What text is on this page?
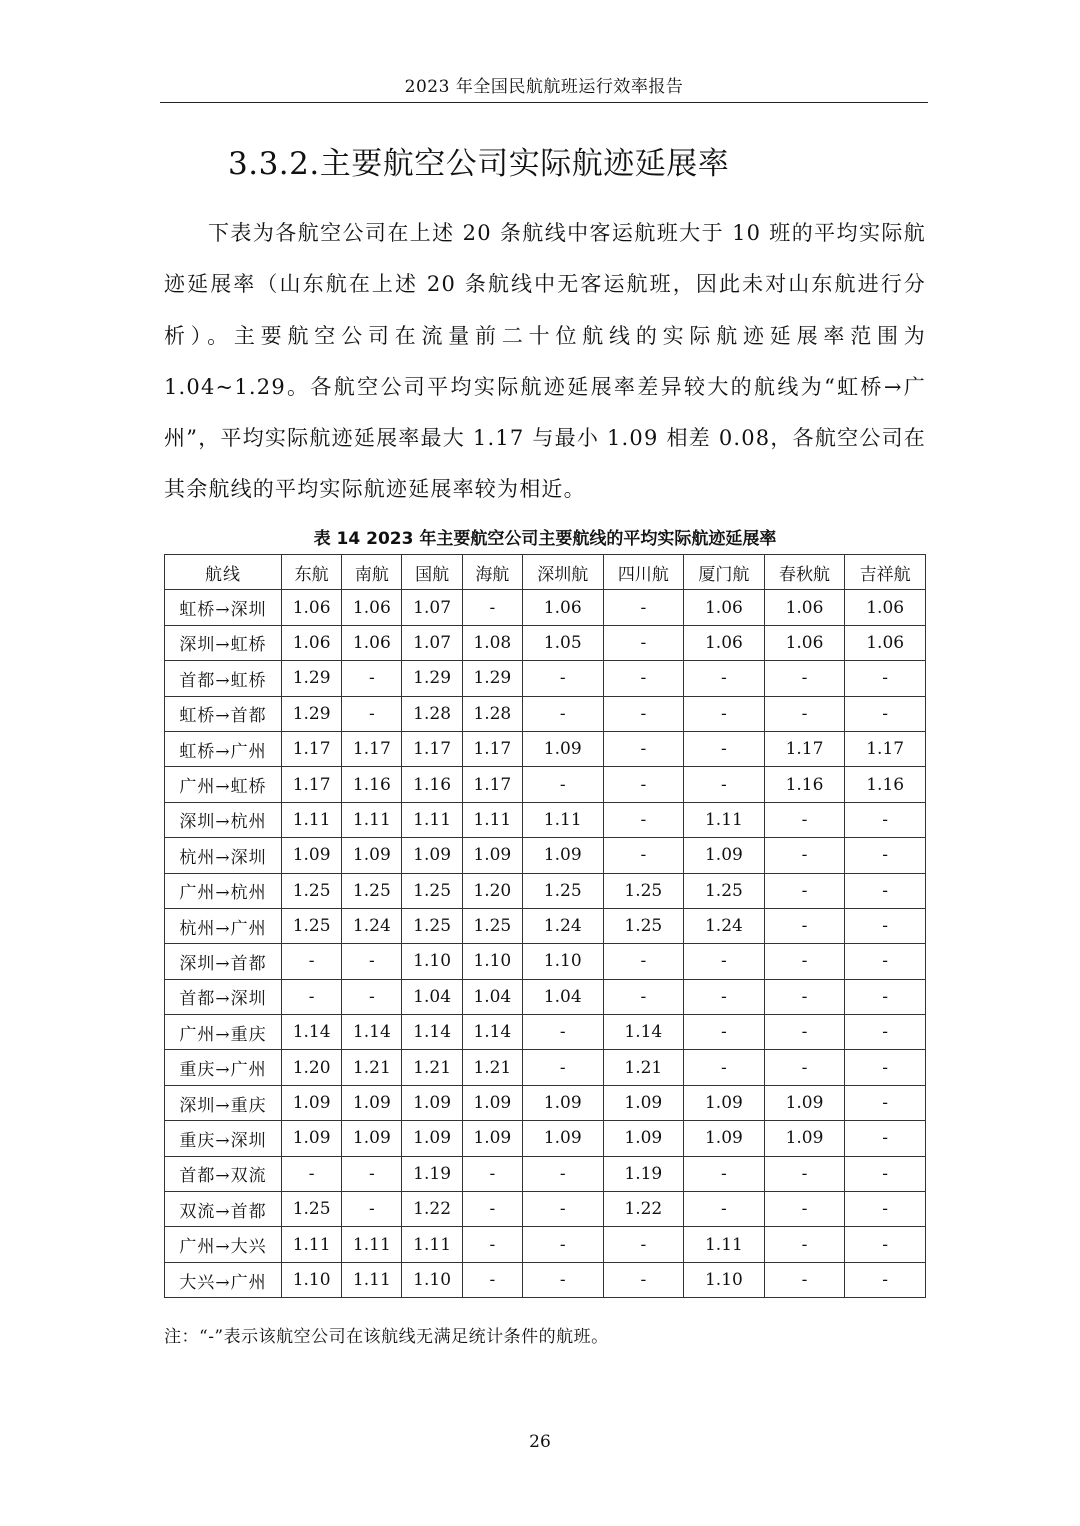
2023 年全国民航航班运行效率报告
3.3.2.主要航空公司实际航迹延展率

下表为各航空公司在上述 20 条航线中客运航班大于 10 班的平均实际航迹延展率（山东航在上述 20 条航线中无客运航班，因此未对山东航进行分析）。主要航空公司在流量前二十位航线的实际航迹延展率范围为 1.04~1.29。各航空公司平均实际航迹延展率差异较大的航线为“虹桥→广州”，平均实际航迹延展率最大 1.17 与最小 1.09 相差 0.08，各航空公司在其余航线的平均实际航迹延展率较为相近。

表 14 2023 年主要航空公司主要航线的平均实际航迹延展率
航线	东航	南航	国航	海航	深圳航	四川航	厦门航	春秋航	吉祥航
虹桥→深圳	1.06	1.06	1.07	-	1.06	-	1.06	1.06	1.06
深圳→虹桥	1.06	1.06	1.07	1.08	1.05	-	1.06	1.06	1.06
首都→虹桥	1.29	-	1.29	1.29	-	-	-	-	-
虹桥→首都	1.29	-	1.28	1.28	-	-	-	-	-
虹桥→广州	1.17	1.17	1.17	1.17	1.09	-	-	1.17	1.17
广州→虹桥	1.17	1.16	1.16	1.17	-	-	-	1.16	1.16
深圳→杭州	1.11	1.11	1.11	1.11	1.11	-	1.11	-	-
杭州→深圳	1.09	1.09	1.09	1.09	1.09	-	1.09	-	-
广州→杭州	1.25	1.25	1.25	1.20	1.25	1.25	1.25	-	-
杭州→广州	1.25	1.24	1.25	1.25	1.24	1.25	1.24	-	-
深圳→首都	-	-	1.10	1.10	1.10	-	-	-	-
首都→深圳	-	-	1.04	1.04	1.04	-	-	-	-
广州→重庆	1.14	1.14	1.14	1.14	-	1.14	-	-	-
重庆→广州	1.20	1.21	1.21	1.21	-	1.21	-	-	-
深圳→重庆	1.09	1.09	1.09	1.09	1.09	1.09	1.09	1.09	-
重庆→深圳	1.09	1.09	1.09	1.09	1.09	1.09	1.09	1.09	-
首都→双流	-	-	1.19	-	-	1.19	-	-	-
双流→首都	1.25	-	1.22	-	-	1.22	-	-	-
广州→大兴	1.11	1.11	1.11	-	-	-	1.11	-	-
大兴→广州	1.10	1.11	1.10	-	-	-	1.10	-	-
注：“-”表示该航空公司在该航线无满足统计条件的航班。
26
